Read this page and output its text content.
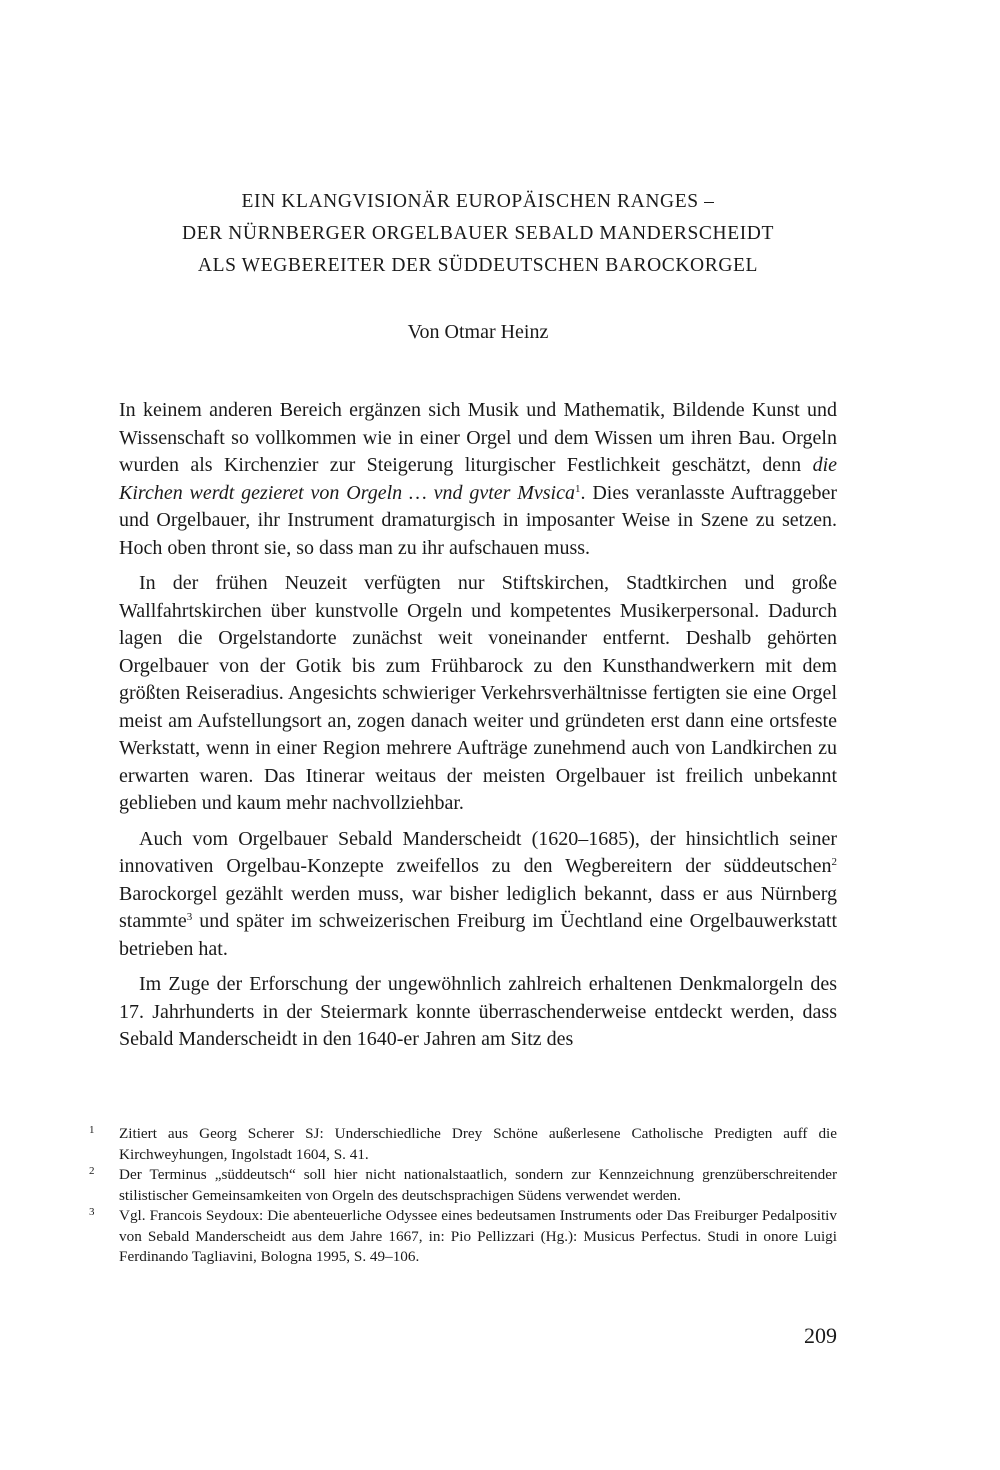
EIN KLANGVISIONÄR EUROPÄISCHEN RANGES –
DER NÜRNBERGER ORGELBAUER SEBALD MANDERSCHEIDT
ALS WEGBEREITER DER SÜDDEUTSCHEN BAROCKORGEL

Von Otmar Heinz

In keinem anderen Bereich ergänzen sich Musik und Mathematik, Bildende Kunst und Wissenschaft so vollkommen wie in einer Orgel und dem Wissen um ihren Bau. Orgeln wurden als Kirchenzier zur Steigerung liturgischer Festlichkeit geschätzt, denn die Kirchen werdt gezieret von Orgeln … vnd gvter Mvsica$^1$. Dies veranlasste Auftraggeber und Orgelbauer, ihr Instrument dramaturgisch in imposanter Weise in Szene zu setzen. Hoch oben thront sie, so dass man zu ihr aufschauen muss.

In der frühen Neuzeit verfügten nur Stiftskirchen, Stadtkirchen und große Wallfahrtskirchen über kunstvolle Orgeln und kompetentes Musikerpersonal. Dadurch lagen die Orgelstandorte zunächst weit voneinander entfernt. Deshalb gehörten Orgelbauer von der Gotik bis zum Frühbarock zu den Kunsthandwerkern mit dem größten Reiseradius. Angesichts schwieriger Verkehrsverhältnisse fertigten sie eine Orgel meist am Aufstellungsort an, zogen danach weiter und gründeten erst dann eine ortsfeste Werkstatt, wenn in einer Region mehrere Aufträge zunehmend auch von Landkirchen zu erwarten waren. Das Itinerar weitaus der meisten Orgelbauer ist freilich unbekannt geblieben und kaum mehr nachvollziehbar.

Auch vom Orgelbauer Sebald Manderscheidt (1620–1685), der hinsichtlich seiner innovativen Orgelbau-Konzepte zweifellos zu den Wegbereitern der süddeutschen$^2$ Barockorgel gezählt werden muss, war bisher lediglich bekannt, dass er aus Nürnberg stammte$^3$ und später im schweizerischen Freiburg im Üechtland eine Orgelbauwerkstatt betrieben hat.

Im Zuge der Erforschung der ungewöhnlich zahlreich erhaltenen Denkmalorgeln des 17. Jahrhunderts in der Steiermark konnte überraschenderweise entdeckt werden, dass Sebald Manderscheidt in den 1640-er Jahren am Sitz des

1 Zitiert aus Georg Scherer SJ: Underschiedliche Drey Schöne außerlesene Catholische Predigten auff die Kirchweyhungen, Ingolstadt 1604, S. 41.

2 Der Terminus „süddeutsch“ soll hier nicht nationalstaatlich, sondern zur Kennzeichnung grenzüberschreitender stilistischer Gemeinsamkeiten von Orgeln des deutschsprachigen Südens verwendet werden.

3 Vgl. Francois Seydoux: Die abenteuerliche Odyssee eines bedeutsamen Instruments oder Das Freiburger Pedalpositiv von Sebald Manderscheidt aus dem Jahre 1667, in: Pio Pellizzari (Hg.): Musicus Perfectus. Studi in onore Luigi Ferdinando Tagliavini, Bologna 1995, S. 49–106.

209
